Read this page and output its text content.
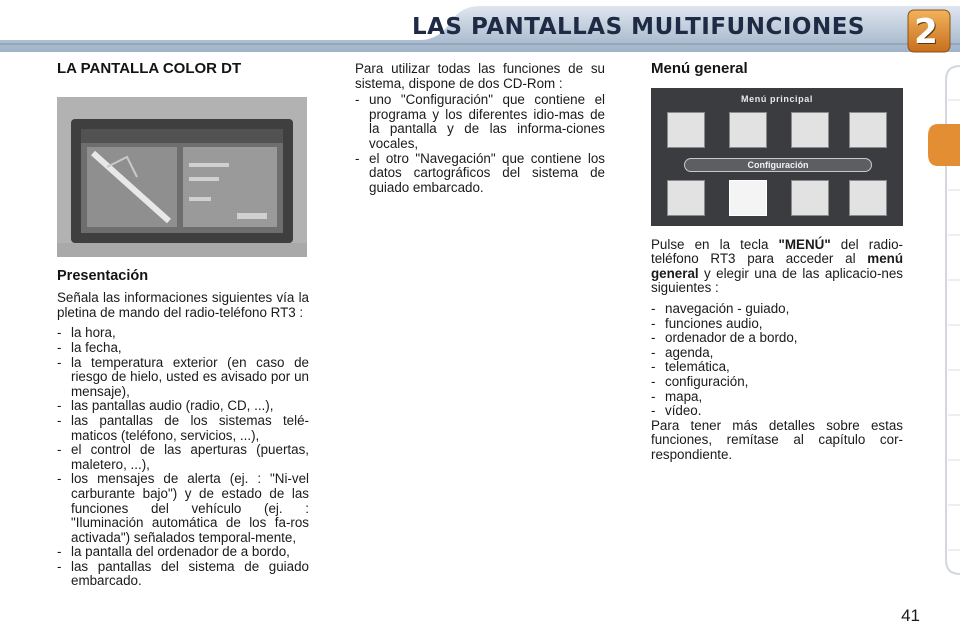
LAS PANTALLAS MULTIFUNCIONES 2
LA PANTALLA COLOR DT
Presentación

Señala las informaciones siguientes vía la pletina de mando del radio-teléfono RT3 :

- la hora,
- la fecha,
- la temperatura exterior (en caso de riesgo de hielo, usted es avisado por un mensaje),
- las pantallas audio (radio, CD, ...),
- las pantallas de los sistemas telé-maticos (teléfono, servicios, ...),
- el control de las aperturas (puertas, maletero, ...),
- los mensajes de alerta (ej. : "Ni-vel carburante bajo") y de estado de las funciones del vehículo (ej. : "Iluminación automática de los fa-ros activada") señalados temporal-mente,
- la pantalla del ordenador de a bordo,
- las pantallas del sistema de guiado embarcado.

Para utilizar todas las funciones de su sistema, dispone de dos CD-Rom :

- uno "Configuración" que contiene el programa y los diferentes idio-mas de la pantalla y de las informa-ciones vocales,
- el otro "Navegación" que contiene los datos cartográficos del sistema de guiado embarcado.
Menú general
Menú principal
Configuración

Pulse en la tecla "MENÚ" del radio-teléfono RT3 para acceder al menú general y elegir una de las aplicacio-nes siguientes :

- navegación - guiado,
- funciones audio,
- ordenador de a bordo,
- agenda,
- telemática,
- configuración,
- mapa,
- vídeo.

Para tener más detalles sobre estas funciones, remítase al capítulo cor-respondiente.

41
